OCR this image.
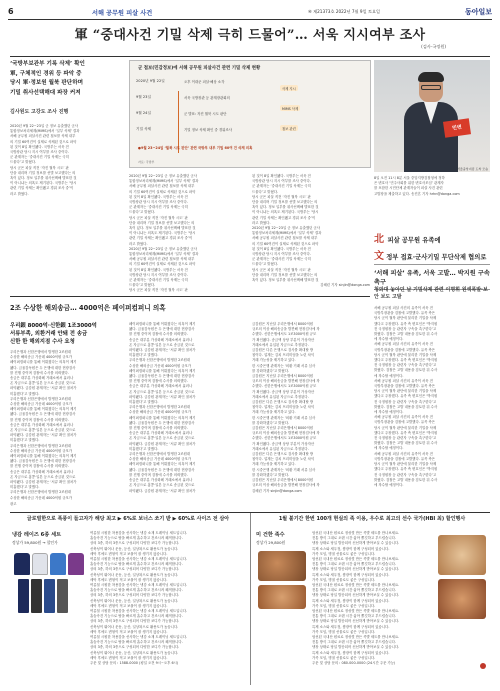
6	서해 공무원 피살 사건	④ 제21373호 2022년 7월 9일 토요일	동아일보
軍 “중대사건 기밀 삭제 극히 드물어”… 서욱 지시여부 조사
(검사·국정원)
‘국방부보관부 기록 삭제’ 확인
軍, 구체적인 경위 등 파악 중
당시 軍·정보원 월북 판단하며
기밀 취사선택해대 파장 커져
김사원도 고강도 조사 진행
군 첩보(민감정보)에 서해 공무원 피살사건 관련 기밀 삭제 현황
2020년 9월 22일	오후 이대준 피살·해상 소각
9월 23일	서욱 국방장관 등 관계장관회의
9월 24일	군 발표: 자진 월북 시도 판단
기밀 삭제	기밀 정보 삭제 확인 중 경위조사
삭제 지시
MIMS 삭제
첩보 관련
●9월 23~24일 ‘월북 시도 판단’ 관련 국방부 내부 기밀 60여 건 삭제 의혹
자료: 국방부
민변
서울중앙지검 도착 모습
2020년 9월 22~23일 군 정보 유출했던 군사
통합정보처리체계(MIMS)에서 ‘일부 삭제’ 결과
서해 공무원 피살사건 관련 첩보를 삭제 내부
의 기밀 60여건이 실제로 삭제된 것으로 파악
된 것이 8일 확인됐다. 국방부는 서욱 전
국방장관 당시 지시 여부를 조사 중이다.
군 관계자는 ‘중대사건 기밀 삭제는 극히
드물다’고 밝혔다.
당시 군은 피살 직전 ‘자진 월북 시도’ 판
단을 내리며 기밀 정보를 선별 보고했다는 의
혹이 있다. 정보 일부를 취사선택해 발표한 것
이 아니냐는 의혹도 제기된다. 국방부는 ‘당시
관련 기밀 삭제는 확인됐고 경위 조사 중’이
라고 밝혔다.
2020년 9월 22~23일 군 정보 유출했던 군사
통합정보처리체계(MIMS)에서 ‘일부 삭제’ 결과
서해 공무원 피살사건 관련 첩보를 삭제 내부
의 기밀 60여건이 실제로 삭제된 것으로 파악
된 것이 8일 확인됐다. 국방부는 서욱 전
국방장관 당시 지시 여부를 조사 중이다.
군 관계자는 ‘중대사건 기밀 삭제는 극히
드물다’고 밝혔다.
당시 군은 피살 직전 ‘자진 월북 시도’ 판
단을 내리며 기밀 정보를 선별 보고했다는 의
혹이 있다. 정보 일부를 취사선택해 발표한 것
이 아니냐는 의혹도 제기된다. 국방부는 ‘당시
관련 기밀 삭제는 확인됐고 경위 조사 중’이
라고 밝혔다.
2020년 9월 22~23일 군 정보 유출했던 군사
통합정보처리체계(MIMS)에서 ‘일부 삭제’ 결과
서해 공무원 피살사건 관련 첩보를 삭제 내부
의 기밀 60여건이 실제로 삭제된 것으로 파악
된 것이 8일 확인됐다. 국방부는 서욱 전
국방장관 당시 지시 여부를 조사 중이다.
군 관계자는 ‘중대사건 기밀 삭제는 극히
드물다’고 밝혔다.
당시 군은 피살 직전 ‘자진 월북 시도’ 판
된 것이 8일 확인됐다. 국방부는 서욱 전
국방장관 당시 지시 여부를 조사 중이다.
군 관계자는 ‘중대사건 기밀 삭제는 극히
드물다’고 밝혔다.
당시 군은 피살 직전 ‘자진 월북 시도’ 판
단을 내리며 기밀 정보를 선별 보고했다는 의
혹이 있다. 정보 일부를 취사선택해 발표한 것
이 아니냐는 의혹도 제기된다. 국방부는 ‘당시
관련 기밀 삭제는 확인됐고 경위 조사 중’이
라고 밝혔다.
2020년 9월 22~23일 군 정보 유출했던 군사
통합정보처리체계(MIMS)에서 ‘일부 삭제’ 결과
서해 공무원 피살사건 관련 첩보를 삭제 내부
의 기밀 60여건이 실제로 삭제된 것으로 파악
된 것이 8일 확인됐다. 국방부는 서욱 전
국방장관 당시 지시 여부를 조사 중이다.
군 관계자는 ‘중대사건 기밀 삭제는 극히
드물다’고 밝혔다.
당시 군은 피살 직전 ‘자진 월북 시도’ 판
단을 내리며 기밀 정보를 선별 보고했다는 의
혹이 있다. 정보 일부를 취사선택해 발표한 것
김혜린 기자 sinjin@donga.com
8일 오전 11시 8분 서울 중앙지방검찰청에 정하
은 변호사 ‘민주사회를 위한 변호사모임’ 관계자
를 포함한 시민단체 관계자들이 피살 사건 관련
고발장을 제출하고 있다. 송진흔 기자 hrhn@donga.com
北 피살 공무원 유족에
文 정부 접효·군사기밀 무단삭제 협의로
‘서해 피살’ 유족, 서욱 고발… 박지원 구속 촉구
청와대 놓아던 날 기밀삭제 관련 이명휘 원색폭발·보안 보도 고발
서해 공무원 피살 사건의 유족이 서욱 전
국방부장관을 검찰에 고발했다. 유족 측은
당시 군이 월북 판단에 불리한 기밀을 삭제
했다고 주장했다. 유족 측 변호인은 ‘박지원
전 국정원장 등 관련자 구속을 촉구한다’고
밝혔다. 검찰은 고발 내용을 검토한 뒤 수사
에 착수할 예정이다.
서해 공무원 피살 사건의 유족이 서욱 전
국방부장관을 검찰에 고발했다. 유족 측은
당시 군이 월북 판단에 불리한 기밀을 삭제
했다고 주장했다. 유족 측 변호인은 ‘박지원
전 국정원장 등 관련자 구속을 촉구한다’고
밝혔다. 검찰은 고발 내용을 검토한 뒤 수사
에 착수할 예정이다.
서해 공무원 피살 사건의 유족이 서욱 전
국방부장관을 검찰에 고발했다. 유족 측은
당시 군이 월북 판단에 불리한 기밀을 삭제
했다고 주장했다. 유족 측 변호인은 ‘박지원
전 국정원장 등 관련자 구속을 촉구한다’고
밝혔다. 검찰은 고발 내용을 검토한 뒤 수사
에 착수할 예정이다.
서해 공무원 피살 사건의 유족이 서욱 전
국방부장관을 검찰에 고발했다. 유족 측은
당시 군이 월북 판단에 불리한 기밀을 삭제
했다고 주장했다. 유족 측 변호인은 ‘박지원
전 국정원장 등 관련자 구속을 촉구한다’고
밝혔다. 검찰은 고발 내용을 검토한 뒤 수사
에 착수할 예정이다.
서해 공무원 피살 사건의 유족이 서욱 전
국방부장관을 검찰에 고발했다. 유족 측은
당시 군이 월북 판단에 불리한 기밀을 삭제
했다고 주장했다. 유족 측 변호인은 ‘박지원
전 국정원장 등 관련자 구속을 촉구한다’고
밝혔다. 검찰은 고발 내용을 검토한 뒤 수사
에 착수할 예정이다.
2조 수상한 해외송금… 4000억은 페이퍼컴퍼니 의혹
우리銀 8000억·신한銀 1조3000억
서류부족, 외환거래 안돼 전 송금
신한 한 해외지점 수사 요청
우리은행과 신한은행에서 발생한 2조원대
수상한 해외송금 가운데 4000억원 규모가
페이퍼컴퍼니를 통해 이뤄졌다는 의혹이 제기
됐다. 금융감독원은 두 은행에 대한 현장검사
를 진행 중이며 검찰에 수사를 의뢰했다.
송금은 대부분 가상화폐 거래소에서 흘러나
온 자금으로 홍콩·일본 등으로 송금된 것으로
파악됐다. 금감원 관계자는 ‘서류 확인 절차가
미흡했다’고 말했다.
우리은행과 신한은행에서 발생한 2조원대
수상한 해외송금 가운데 4000억원 규모가
페이퍼컴퍼니를 통해 이뤄졌다는 의혹이 제기
됐다. 금융감독원은 두 은행에 대한 현장검사
를 진행 중이며 검찰에 수사를 의뢰했다.
송금은 대부분 가상화폐 거래소에서 흘러나
온 자금으로 홍콩·일본 등으로 송금된 것으로
파악됐다. 금감원 관계자는 ‘서류 확인 절차가
미흡했다’고 말했다.
우리은행과 신한은행에서 발생한 2조원대
수상한 해외송금 가운데 4000억원 규모가
페이퍼컴퍼니를 통해 이뤄졌다는 의혹이 제기
됐다. 금융감독원은 두 은행에 대한 현장검사
를 진행 중이며 검찰에 수사를 의뢰했다.
송금은 대부분 가상화폐 거래소에서 흘러나
온 자금으로 홍콩·일본 등으로 송금된 것으로
파악됐다. 금감원 관계자는 ‘서류 확인 절차가
미흡했다’고 말했다.
우리은행과 신한은행에서 발생한 2조원대
수상한 해외송금 가운데 4000억원 규모가
페이퍼컴퍼니를 통해 이뤄졌다는 의혹이 제기
됐다. 금융감독원은 두 은행에 대한 현장검사
를 진행 중이며 검찰에 수사를 의뢰했다.
송금은 대부분 가상화폐 거래소에서 흘러나
온 자금으로 홍콩·일본 등으로 송금된 것으로
파악됐다. 금감원 관계자는 ‘서류 확인 절차가
미흡했다’고 말했다.
우리은행과 신한은행에서 발생한 2조원대
수상한 해외송금 가운데 4000억원 규모가
페이퍼컴퍼니를 통해 이뤄졌다는 의혹이 제기
됐다. 금융감독원은 두 은행에 대한 현장검사
를 진행 중이며 검찰에 수사를 의뢰했다.
송금은 대부분 가상화폐 거래소에서 흘러나
온 자금으로 홍콩·일본 등으로 송금된 것으로
파악됐다. 금감원 관계자는 ‘서류 확인 절차가
미흡했다’고 말했다.
우리은행과 신한은행에서 발생한 2조원대
수상한 해외송금 가운데 4000억원 규모가
페이퍼컴퍼니를 통해 이뤄졌다는 의혹이 제기
됐다. 금융감독원은 두 은행에 대한 현장검사
를 진행 중이며 검찰에 수사를 의뢰했다.
송금은 대부분 가상화폐 거래소에서 흘러나
온 자금으로 홍콩·일본 등으로 송금된 것으로
파악됐다. 금감원 관계자는 ‘서류 확인 절차가
미흡했다’고 말했다.
우리은행과 신한은행에서 발생한 2조원대
수상한 해외송금 가운데 4000억원 규모가
페이퍼컴퍼니를 통해 이뤄졌다는 의혹이 제기
됐다. 금융감독원은 두 은행에 대한 현장검사
를 진행 중이며 검찰에 수사를 의뢰했다.
송금은 대부분 가상화폐 거래소에서 흘러나
온 자금으로 홍콩·일본 등으로 송금된 것으로
파악됐다. 금감원 관계자는 ‘서류 확인 절차가
금감원은 지난달 우리은행에서 8000억원
규모의 이상 해외송금을 발견해 현장검사에 착
수했다. 신한은행에서도 1조3000억원 규모
가 확인됐다. 송금액 상당 부분이 가상자산
거래소에서 유입된 자금으로 추정된다.
금감원은 다른 은행으로 검사를 확대할 방
침이다. 업계는 김치 프리미엄을 노린 차익
거래 가능성을 제기하고 있다.
한 시중은행 관계자는 ‘외환 거래 서류 심사
를 강화하겠다’고 밝혔다.
금감원은 지난달 우리은행에서 8000억원
규모의 이상 해외송금을 발견해 현장검사에 착
수했다. 신한은행에서도 1조3000억원 규모
가 확인됐다. 송금액 상당 부분이 가상자산
거래소에서 유입된 자금으로 추정된다.
금감원은 다른 은행으로 검사를 확대할 방
침이다. 업계는 김치 프리미엄을 노린 차익
거래 가능성을 제기하고 있다.
한 시중은행 관계자는 ‘외환 거래 서류 심사
를 강화하겠다’고 밝혔다.
금감원은 지난달 우리은행에서 8000억원
규모의 이상 해외송금을 발견해 현장검사에 착
수했다. 신한은행에서도 1조3000억원 규모
가 확인됐다. 송금액 상당 부분이 가상자산
거래소에서 유입된 자금으로 추정된다.
금감원은 다른 은행으로 검사를 확대할 방
침이다. 업계는 김치 프리미엄을 노린 차익
거래 가능성을 제기하고 있다.
한 시중은행 관계자는 ‘외환 거래 서류 심사
를 강화하겠다’고 밝혔다.
금감원은 지난달 우리은행에서 8000억원
규모의 이상 해외송금을 발견해 현장검사에 착
김혜린 기자 sinjin@donga.com
광고
글로벌한으로 폭풍이 들고자가 해당 최고 ▶ 6%로 보너스 쏘기 받 ▶ 60%로 사이즈 전 삼아	1월 불기간 한번 100개 현실의 족 이용, 우수로 최고의 선수 국가(HBI 최) 할인행사
냉감 레이즈 6종 세트
정상가 59,800원 → 할인가
여름철 시원한 착용감을 선사하는 냉감 소재 트레이닝 세트입니다.
흡습속건 기능으로 땀을 빠르게 흡수하고 건조시켜 쾌적합니다.
상의 3종, 하의 3종으로 구성되어 다양한 코디가 가능합니다.
신축성이 뛰어나 운동, 등산, 일상복으로 활용도가 높습니다.
세탁 후에도 변형이 적고 보풀이 잘 생기지 않습니다.
여름철 시원한 착용감을 선사하는 냉감 소재 트레이닝 세트입니다.
흡습속건 기능으로 땀을 빠르게 흡수하고 건조시켜 쾌적합니다.
상의 3종, 하의 3종으로 구성되어 다양한 코디가 가능합니다.
신축성이 뛰어나 운동, 등산, 일상복으로 활용도가 높습니다.
세탁 후에도 변형이 적고 보풀이 잘 생기지 않습니다.
여름철 시원한 착용감을 선사하는 냉감 소재 트레이닝 세트입니다.
흡습속건 기능으로 땀을 빠르게 흡수하고 건조시켜 쾌적합니다.
상의 3종, 하의 3종으로 구성되어 다양한 코디가 가능합니다.
신축성이 뛰어나 운동, 등산, 일상복으로 활용도가 높습니다.
세탁 후에도 변형이 적고 보풀이 잘 생기지 않습니다.
여름철 시원한 착용감을 선사하는 냉감 소재 트레이닝 세트입니다.
흡습속건 기능으로 땀을 빠르게 흡수하고 건조시켜 쾌적합니다.
상의 3종, 하의 3종으로 구성되어 다양한 코디가 가능합니다.
신축성이 뛰어나 운동, 등산, 일상복으로 활용도가 높습니다.
세탁 후에도 변형이 적고 보풀이 잘 생기지 않습니다.
여름철 시원한 착용감을 선사하는 냉감 소재 트레이닝 세트입니다.
흡습속건 기능으로 땀을 빠르게 흡수하고 건조시켜 쾌적합니다.
상의 3종, 하의 3종으로 구성되어 다양한 코디가 가능합니다.
신축성이 뛰어나 운동, 등산, 일상복으로 활용도가 높습니다.
세탁 후에도 변형이 적고 보풀이 잘 생기지 않습니다.
주문 및 상담 문의 : 1588-0000 (평일 오전 9시~오후 6시)
미 건한 족수
정상가 29,800원
엄선된 국내산 원료로 정성껏 만든 족발 세트를 만나보세요.
전통 방식 그대로 오랜 시간 삶아 쫄깃하고 부드럽습니다.
냉장 상태로 당일 발송되어 신선하게 받아보실 수 있습니다.
특제 소스와 새우젓, 쌈장이 함께 구성되어 있습니다.
가족 모임, 명절 선물로도 좋은 구성입니다.
엄선된 국내산 원료로 정성껏 만든 족발 세트를 만나보세요.
전통 방식 그대로 오랜 시간 삶아 쫄깃하고 부드럽습니다.
냉장 상태로 당일 발송되어 신선하게 받아보실 수 있습니다.
특제 소스와 새우젓, 쌈장이 함께 구성되어 있습니다.
가족 모임, 명절 선물로도 좋은 구성입니다.
엄선된 국내산 원료로 정성껏 만든 족발 세트를 만나보세요.
전통 방식 그대로 오랜 시간 삶아 쫄깃하고 부드럽습니다.
냉장 상태로 당일 발송되어 신선하게 받아보실 수 있습니다.
특제 소스와 새우젓, 쌈장이 함께 구성되어 있습니다.
가족 모임, 명절 선물로도 좋은 구성입니다.
엄선된 국내산 원료로 정성껏 만든 족발 세트를 만나보세요.
전통 방식 그대로 오랜 시간 삶아 쫄깃하고 부드럽습니다.
냉장 상태로 당일 발송되어 신선하게 받아보실 수 있습니다.
특제 소스와 새우젓, 쌈장이 함께 구성되어 있습니다.
가족 모임, 명절 선물로도 좋은 구성입니다.
엄선된 국내산 원료로 정성껏 만든 족발 세트를 만나보세요.
전통 방식 그대로 오랜 시간 삶아 쫄깃하고 부드럽습니다.
냉장 상태로 당일 발송되어 신선하게 받아보실 수 있습니다.
특제 소스와 새우젓, 쌈장이 함께 구성되어 있습니다.
가족 모임, 명절 선물로도 좋은 구성입니다.
주문 및 상담 문의 : 080-000-0000 (24시간 주문 가능)
